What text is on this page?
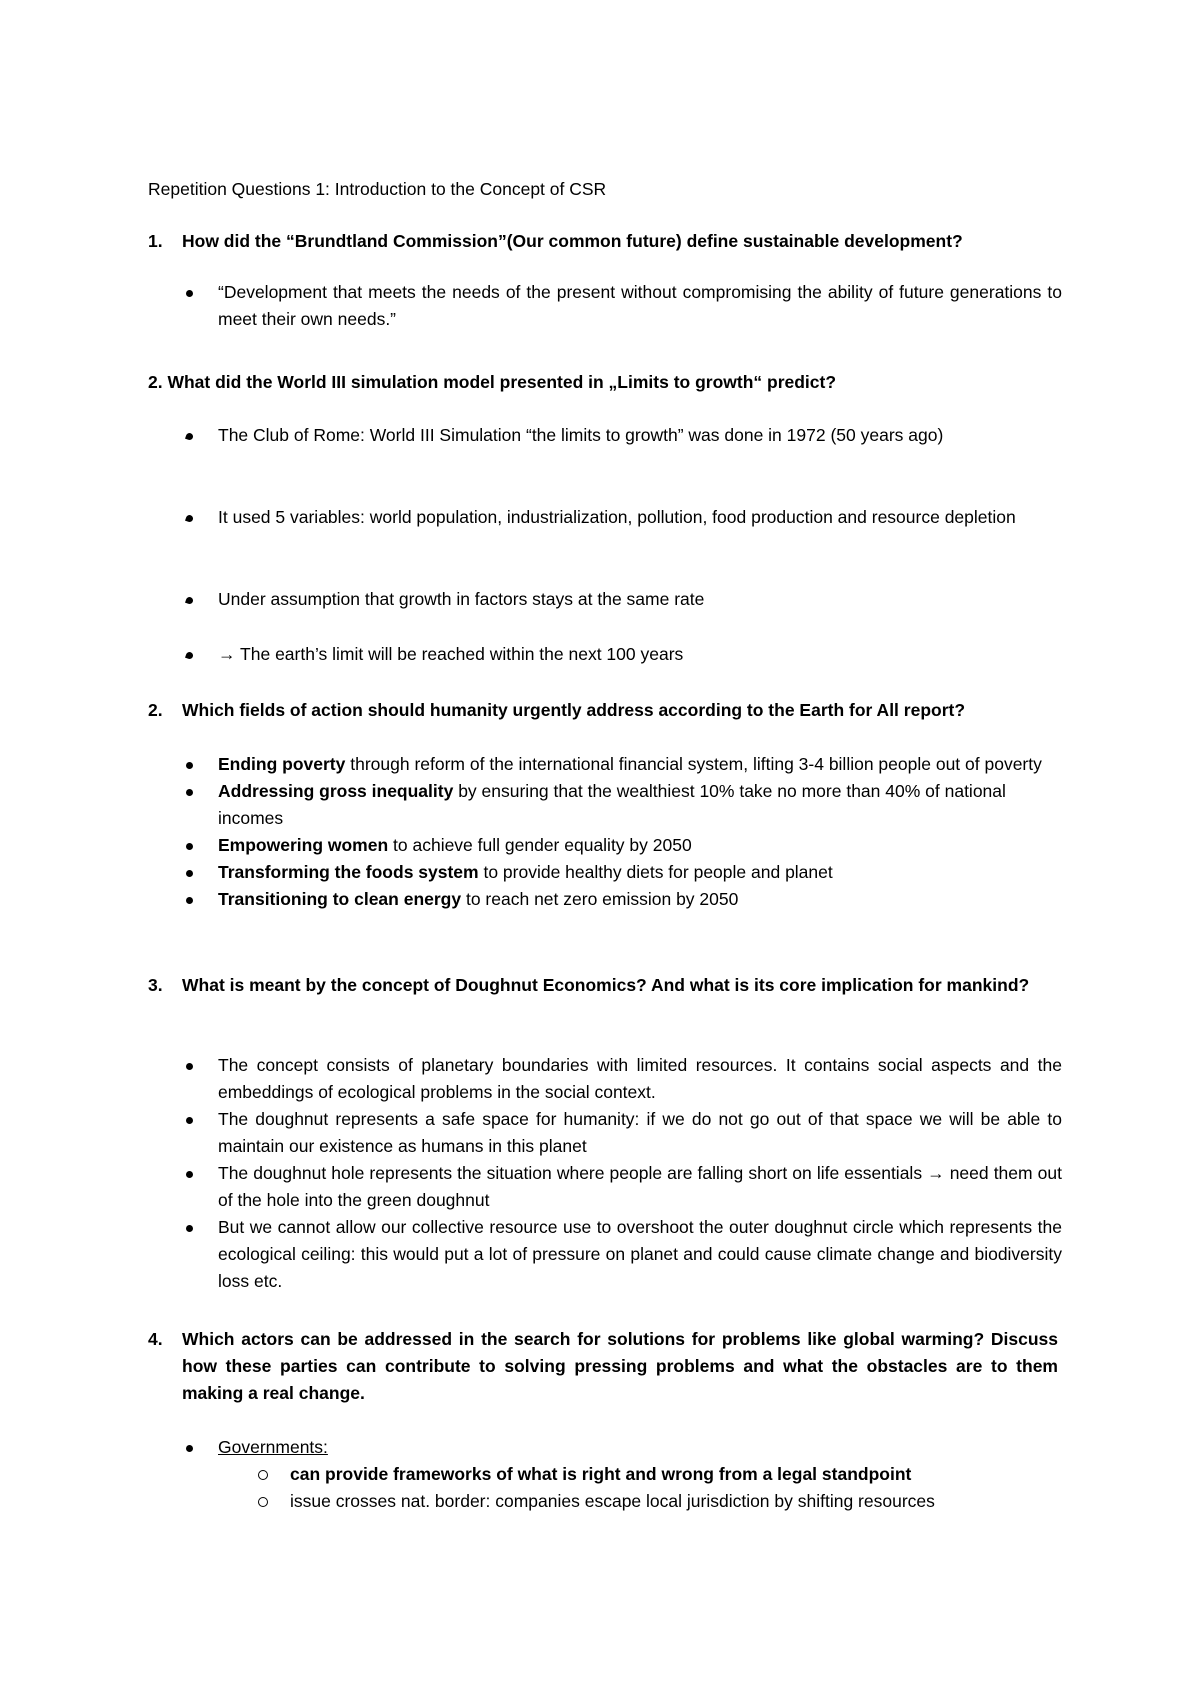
Repetition Questions 1: Introduction to the Concept of CSR
1. How did the “Brundtland Commission”(Our common future) define sustainable development?
“Development that meets the needs of the present without compromising the ability of future generations to meet their own needs.”
2. What did the World III simulation model presented in „Limits to growth“ predict?
The Club of Rome: World III Simulation “the limits to growth” was done in 1972 (50 years ago)
It used 5 variables: world population, industrialization, pollution, food production and resource depletion
Under assumption that growth in factors stays at the same rate
→ The earth’s limit will be reached within the next 100 years
2. Which fields of action should humanity urgently address according to the Earth for All report?
Ending poverty through reform of the international financial system, lifting 3-4 billion people out of poverty
Addressing gross inequality by ensuring that the wealthiest 10% take no more than 40% of national incomes
Empowering women to achieve full gender equality by 2050
Transforming the foods system to provide healthy diets for people and planet
Transitioning to clean energy to reach net zero emission by 2050
3. What is meant by the concept of Doughnut Economics? And what is its core implication for mankind?
The concept consists of planetary boundaries with limited resources. It contains social aspects and the embeddings of ecological problems in the social context.
The doughnut represents a safe space for humanity: if we do not go out of that space we will be able to maintain our existence as humans in this planet
The doughnut hole represents the situation where people are falling short on life essentials → need them out of the hole into the green doughnut
But we cannot allow our collective resource use to overshoot the outer doughnut circle which represents the ecological ceiling: this would put a lot of pressure on planet and could cause climate change and biodiversity loss etc.
4. Which actors can be addressed in the search for solutions for problems like global warming? Discuss how these parties can contribute to solving pressing problems and what the obstacles are to them making a real change.
Governments:
can provide frameworks of what is right and wrong from a legal standpoint
issue crosses nat. border: companies escape local jurisdiction by shifting resources
